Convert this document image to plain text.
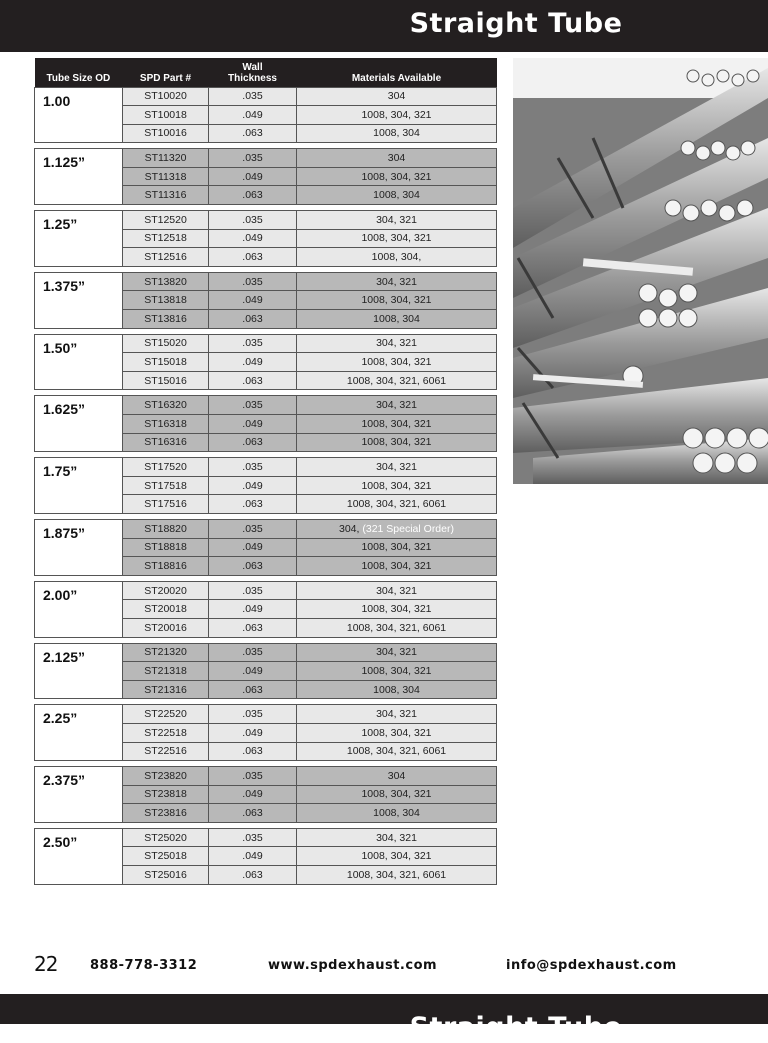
Straight Tube
Tube Size OD	SPD Part #	Wall
Thickness	Materials Available
1.00	ST10020	.035	304
	ST10018	.049	1008, 304, 321
	ST10016	.063	1008, 304

1.125”	ST11320	.035	304
	ST11318	.049	1008, 304, 321
	ST11316	.063	1008, 304

1.25”	ST12520	.035	304, 321
	ST12518	.049	1008, 304, 321
	ST12516	.063	1008, 304,

1.375”	ST13820	.035	304, 321
	ST13818	.049	1008, 304, 321
	ST13816	.063	1008, 304

1.50”	ST15020	.035	304, 321
	ST15018	.049	1008, 304, 321
	ST15016	.063	1008, 304, 321, 6061

1.625”	ST16320	.035	304, 321
	ST16318	.049	1008, 304, 321
	ST16316	.063	1008, 304, 321

1.75”	ST17520	.035	304, 321
	ST17518	.049	1008, 304, 321
	ST17516	.063	1008, 304, 321, 6061

1.875”	ST18820	.035	304, (321 Special Order)
	ST18818	.049	1008, 304, 321
	ST18816	.063	1008, 304, 321

2.00”	ST20020	.035	304, 321
	ST20018	.049	1008, 304, 321
	ST20016	.063	1008, 304, 321, 6061

2.125”	ST21320	.035	304, 321
	ST21318	.049	1008, 304, 321
	ST21316	.063	1008, 304

2.25”	ST22520	.035	304, 321
	ST22518	.049	1008, 304, 321
	ST22516	.063	1008, 304, 321, 6061

2.375”	ST23820	.035	304
	ST23818	.049	1008, 304, 321
	ST23816	.063	1008, 304

2.50”	ST25020	.035	304, 321
	ST25018	.049	1008, 304, 321
	ST25016	.063	1008, 304, 321, 6061
22	888-778-3312	www.spdexhaust.com	info@spdexhaust.com
Straight Tube
